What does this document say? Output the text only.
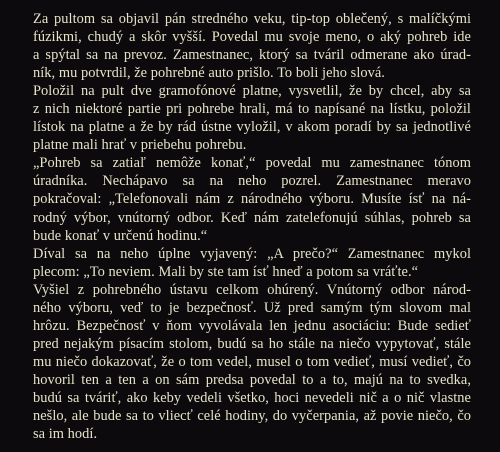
Za pultom sa objavil pán stredného veku, tip-top oblečený, s malíčkými
fúzikmi, chudý a skôr vyšší. Povedal mu svoje meno, o aký pohreb ide
a spýtal sa na prevoz. Zamestnanec, ktorý sa tváril odmerane ako úrad-
ník, mu potvrdil, že pohrebné auto prišlo. To boli jeho slová.
Položil na pult dve gramofónové platne, vysvetlil, že by chcel, aby sa
z nich niektoré partie pri pohrebe hrali, má to napísané na lístku, položil
lístok na platne a že by rád ústne vyložil, v akom poradí by sa jednotlivé
platne mali hrať v priebehu pohrebu.
„Pohreb sa zatiaľ nemôže konať,“ povedal mu zamestnanec tónom
úradníka. Nechápavo sa na neho pozrel. Zamestnanec meravo
pokračoval: „Telefonovali nám z národného výboru. Musíte ísť na ná-
rodný výbor, vnútorný odbor. Keď nám zatelefonujú súhlas, pohreb sa
bude konať v určenú hodinu.“
Díval sa na neho úplne vyjavený: „A prečo?“ Zamestnanec mykol
plecom: „To neviem. Mali by ste tam ísť hneď a potom sa vráťte.“
Vyšiel z pohrebného ústavu celkom ohúrený. Vnútorný odbor národ-
ného výboru, veď to je bezpečnosť. Už pred samým tým slovom mal
hrôzu. Bezpečnosť v ňom vyvolávala len jednu asociáciu: Bude sedieť
pred nejakým písacím stolom, budú sa ho stále na niečo vypytovať, stále
mu niečo dokazovať, že o tom vedel, musel o tom vedieť, musí vedieť, čo
hovoril ten a ten a on sám predsa povedal to a to, majú na to svedka,
budú sa tváriť, ako keby vedeli všetko, hoci nevedeli nič a o nič vlastne
nešlo, ale bude sa to vliecť celé hodiny, do vyčerpania, až povie niečo, čo
sa im hodí.
